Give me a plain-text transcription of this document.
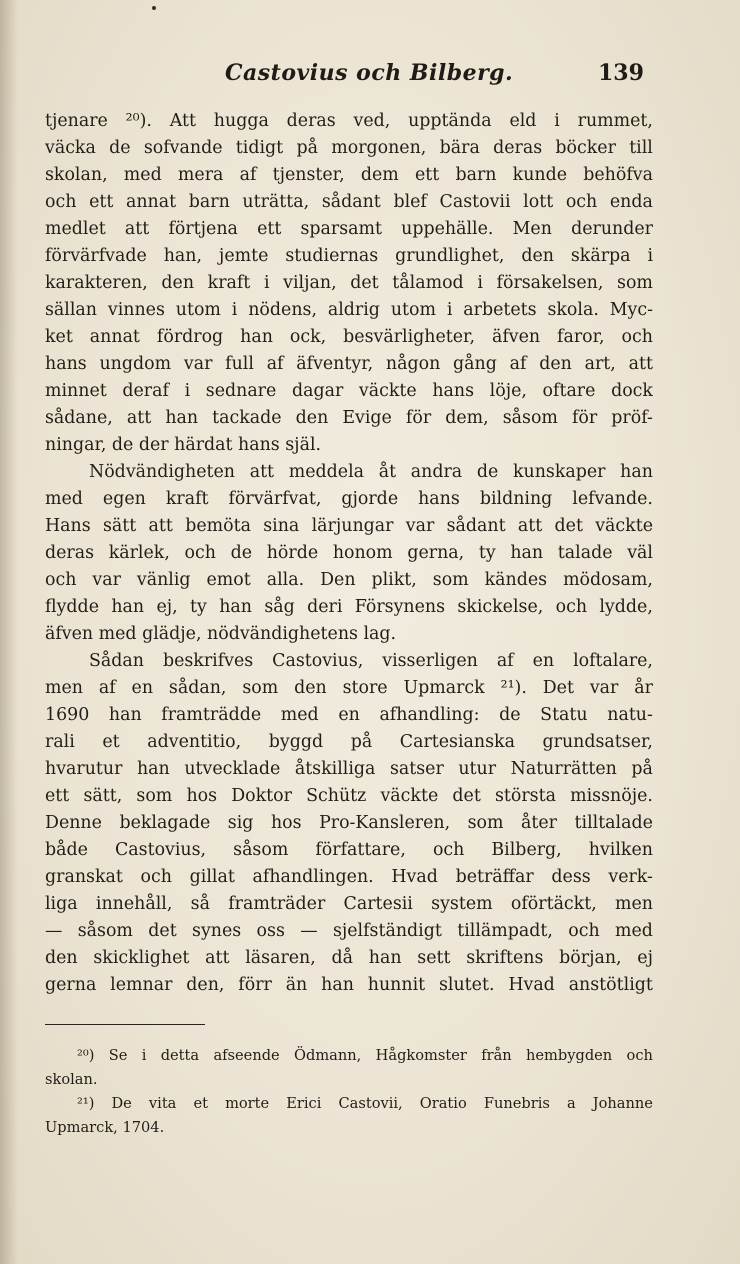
Castovius och Bilberg.	139
tjenare ²⁰). Att hugga deras ved, upptända eld i rummet,
väcka de sofvande tidigt på morgonen, bära deras böcker till
skolan, med mera af tjenster, dem ett barn kunde behöfva
och ett annat barn uträtta, sådant blef Castovii lott och enda
medlet att förtjena ett sparsamt uppehälle. Men derunder
förvärfvade han, jemte studiernas grundlighet, den skärpa i
karakteren, den kraft i viljan, det tålamod i försakelsen, som
sällan vinnes utom i nödens, aldrig utom i arbetets skola. Myc-
ket annat fördrog han ock, besvärligheter, äfven faror, och
hans ungdom var full af äfventyr, någon gång af den art, att
minnet deraf i sednare dagar väckte hans löje, oftare dock
sådane, att han tackade den Evige för dem, såsom för pröf-
ningar, de der härdat hans själ.
Nödvändigheten att meddela åt andra de kunskaper han
med egen kraft förvärfvat, gjorde hans bildning lefvande.
Hans sätt att bemöta sina lärjungar var sådant att det väckte
deras kärlek, och de hörde honom gerna, ty han talade väl
och var vänlig emot alla. Den plikt, som kändes mödosam,
flydde han ej, ty han såg deri Försynens skickelse, och lydde,
äfven med glädje, nödvändighetens lag.
Sådan beskrifves Castovius, visserligen af en loftalare,
men af en sådan, som den store Upmarck ²¹). Det var år
1690 han framträdde med en afhandling: de Statu natu-
rali et adventitio, byggd på Cartesianska grundsatser,
hvarutur han utvecklade åtskilliga satser utur Naturrätten på
ett sätt, som hos Doktor Schütz väckte det största missnöje.
Denne beklagade sig hos Pro-Kansleren, som åter tilltalade
både Castovius, såsom författare, och Bilberg, hvilken
granskat och gillat afhandlingen. Hvad beträffar dess verk-
liga innehåll, så framträder Cartesii system oförtäckt, men
— såsom det synes oss — sjelfständigt tillämpadt, och med
den skicklighet att läsaren, då han sett skriftens början, ej
gerna lemnar den, förr än han hunnit slutet. Hvad anstötligt
²⁰) Se i detta afseende Ödmann, Hågkomster från hembygden och
skolan.
²¹) De vita et morte Erici Castovii, Oratio Funebris a Johanne
Upmarck, 1704.
